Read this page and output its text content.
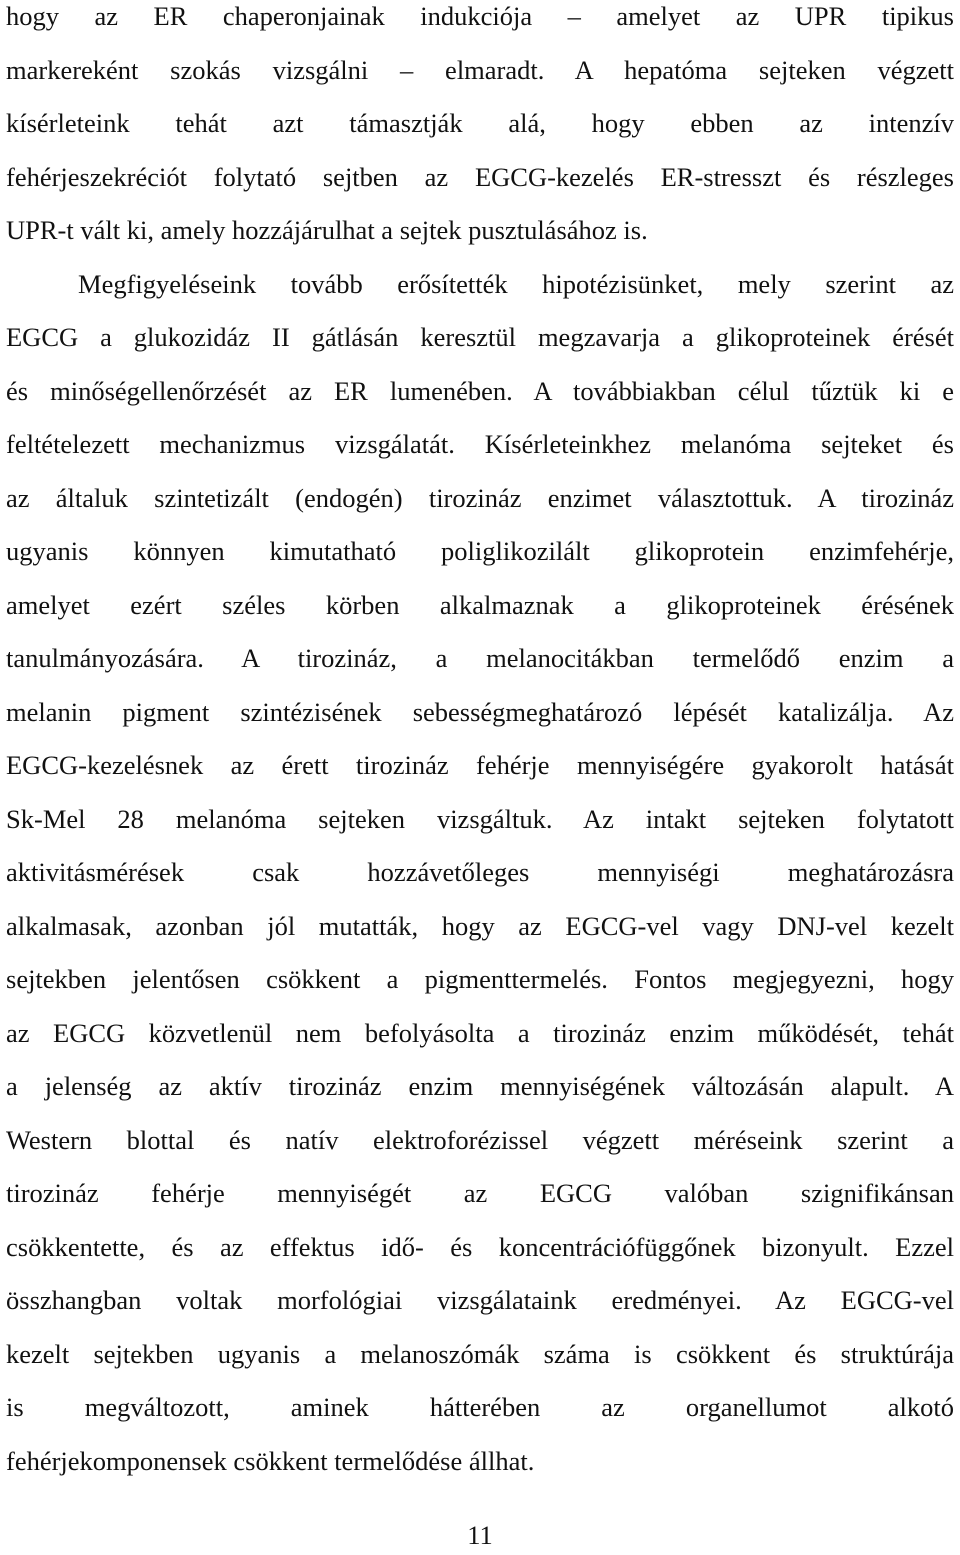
hogy az ER chaperonjainak indukciója – amelyet az UPR tipikus
markereként szokás vizsgálni – elmaradt. A hepatóma sejteken végzett
kísérleteink tehát azt támasztják alá, hogy ebben az intenzív
fehérjeszekréciót folytató sejtben az EGCG-kezelés ER-stresszt és részleges
UPR-t vált ki, amely hozzájárulhat a sejtek pusztulásához is.
Megfigyeléseink tovább erősítették hipotézisünket, mely szerint az
EGCG a glukozidáz II gátlásán keresztül megzavarja a glikoproteinek érését
és minőségellenőrzését az ER lumenében. A továbbiakban célul tűztük ki e
feltételezett mechanizmus vizsgálatát. Kísérleteinkhez melanóma sejteket és
az általuk szintetizált (endogén) tirozináz enzimet választottuk. A tirozináz
ugyanis könnyen kimutatható poliglikozilált glikoprotein enzimfehérje,
amelyet ezért széles körben alkalmaznak a glikoproteinek érésének
tanulmányozására. A tirozináz, a melanocitákban termelődő enzim a
melanin pigment szintézisének sebességmeghatározó lépését katalizálja. Az
EGCG-kezelésnek az érett tirozináz fehérje mennyiségére gyakorolt hatását
Sk-Mel 28 melanóma sejteken vizsgáltuk. Az intakt sejteken folytatott
aktivitásmérések csak hozzávetőleges mennyiségi meghatározásra
alkalmasak, azonban jól mutatták, hogy az EGCG-vel vagy DNJ-vel kezelt
sejtekben jelentősen csökkent a pigmenttermelés. Fontos megjegyezni, hogy
az EGCG közvetlenül nem befolyásolta a tirozináz enzim működését, tehát
a jelenség az aktív tirozináz enzim mennyiségének változásán alapult. A
Western blottal és natív elektroforézissel végzett méréseink szerint a
tirozináz fehérje mennyiségét az EGCG valóban szignifikánsan
csökkentette, és az effektus idő- és koncentrációfüggőnek bizonyult. Ezzel
összhangban voltak morfológiai vizsgálataink eredményei. Az EGCG-vel
kezelt sejtekben ugyanis a melanoszómák száma is csökkent és struktúrája
is megváltozott, aminek hátterében az organellumot alkotó
fehérjekomponensek csökkent termelődése állhat.
11
